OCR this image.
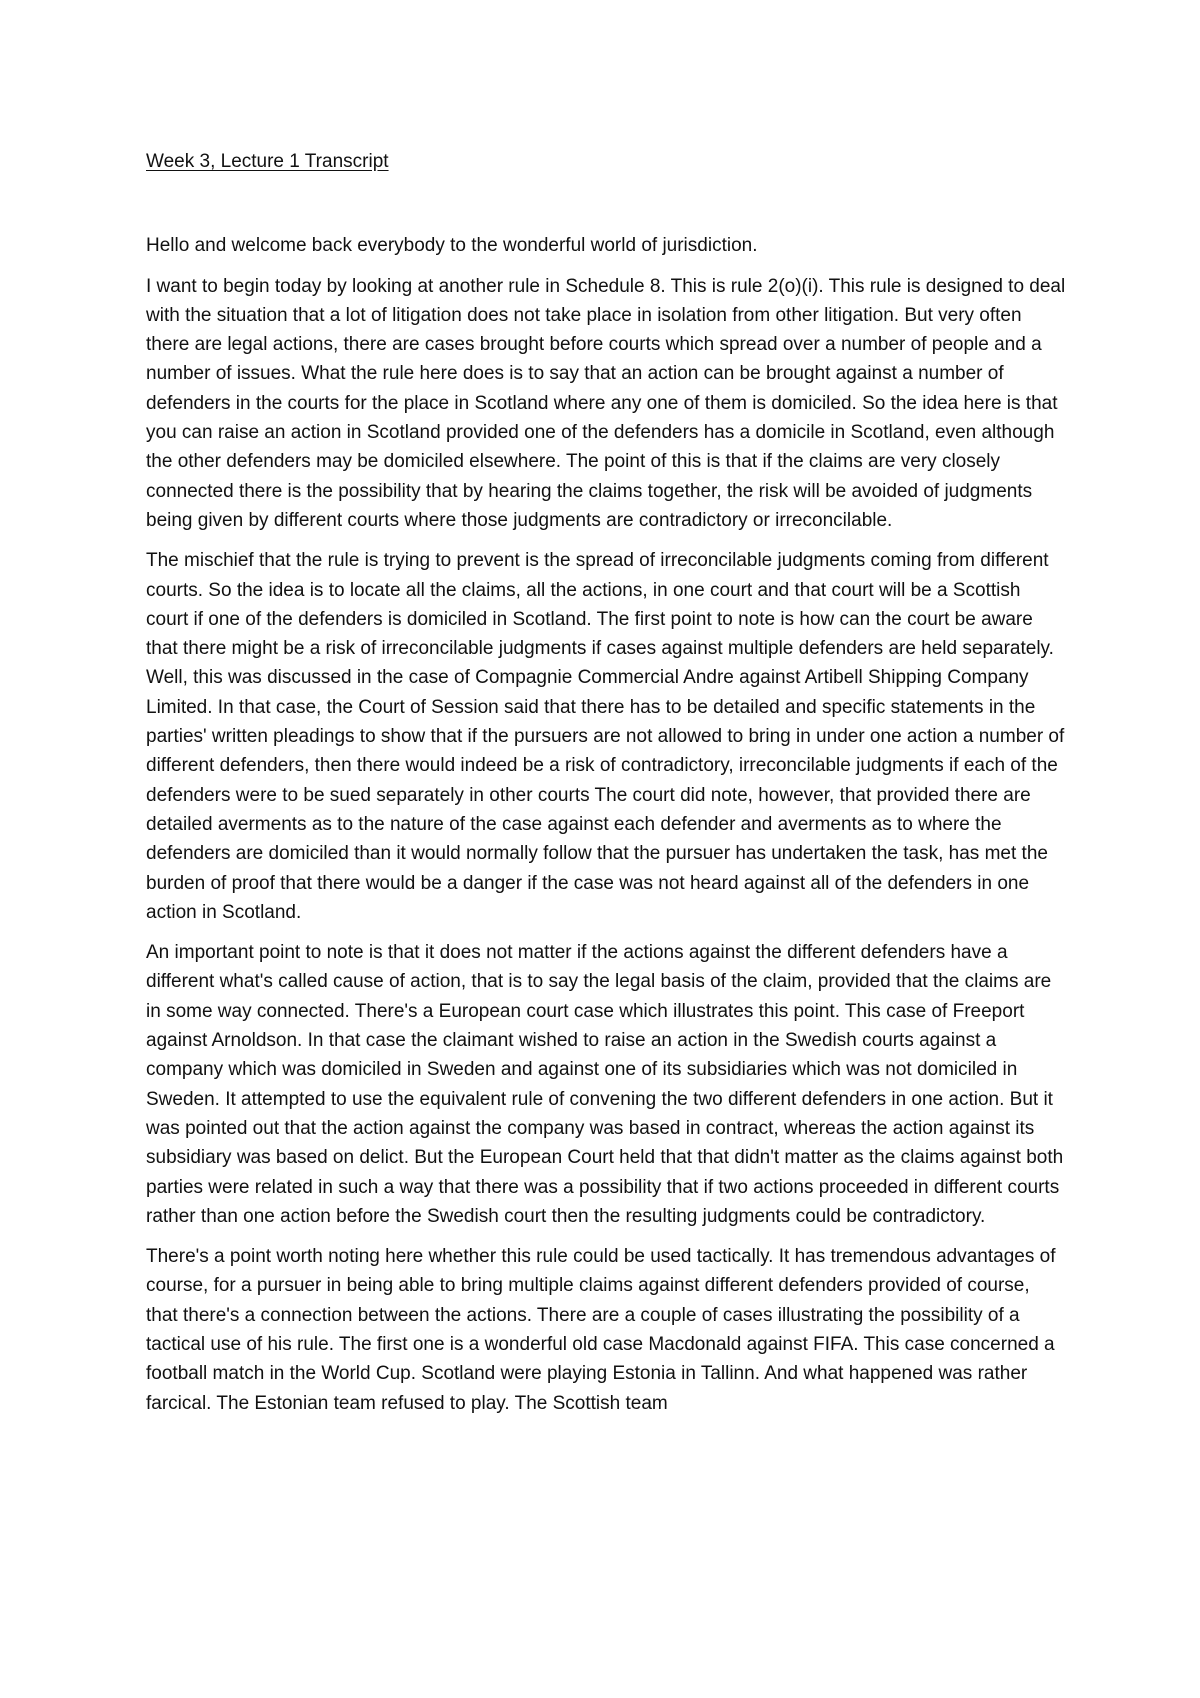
Week 3, Lecture 1 Transcript

Hello and welcome back everybody to the wonderful world of jurisdiction.

I want to begin today by looking at another rule in Schedule 8. This is rule 2(o)(i). This rule is designed to deal with the situation that a lot of litigation does not take place in isolation from other litigation. But very often there are legal actions, there are cases brought before courts which spread over a number of people and a number of issues. What the rule here does is to say that an action can be brought against a number of defenders in the courts for the place in Scotland where any one of them is domiciled. So the idea here is that you can raise an action in Scotland provided one of the defenders has a domicile in Scotland, even although the other defenders may be domiciled elsewhere. The point of this is that if the claims are very closely connected there is the possibility that by hearing the claims together, the risk will be avoided of judgments being given by different courts where those judgments are contradictory or irreconcilable.

The mischief that the rule is trying to prevent is the spread of irreconcilable judgments coming from different courts. So the idea is to locate all the claims, all the actions, in one court and that court will be a Scottish court if one of the defenders is domiciled in Scotland. The first point to note is how can the court be aware that there might be a risk of irreconcilable judgments if cases against multiple defenders are held separately. Well, this was discussed in the case of Compagnie Commercial Andre against Artibell Shipping Company Limited. In that case, the Court of Session said that there has to be detailed and specific statements in the parties' written pleadings to show that if the pursuers are not allowed to bring in under one action a number of different defenders, then there would indeed be a risk of contradictory, irreconcilable judgments if each of the defenders were to be sued separately in other courts The court did note, however, that provided there are detailed averments as to the nature of the case against each defender and averments as to where the defenders are domiciled than it would normally follow that the pursuer has undertaken the task, has met the burden of proof that there would be a danger if the case was not heard against all of the defenders in one action in Scotland.

An important point to note is that it does not matter if the actions against the different defenders have a different what's called cause of action, that is to say the legal basis of the claim, provided that the claims are in some way connected. There's a European court case which illustrates this point. This case of Freeport against Arnoldson. In that case the claimant wished to raise an action in the Swedish courts against a company which was domiciled in Sweden and against one of its subsidiaries which was not domiciled in Sweden. It attempted to use the equivalent rule of convening the two different defenders in one action. But it was pointed out that the action against the company was based in contract, whereas the action against its subsidiary was based on delict. But the European Court held that that didn't matter as the claims against both parties were related in such a way that there was a possibility that if two actions proceeded in different courts rather than one action before the Swedish court then the resulting judgments could be contradictory.

There's a point worth noting here whether this rule could be used tactically. It has tremendous advantages of course, for a pursuer in being able to bring multiple claims against different defenders provided of course, that there's a connection between the actions. There are a couple of cases illustrating the possibility of a tactical use of his rule. The first one is a wonderful old case Macdonald against FIFA. This case concerned a football match in the World Cup. Scotland were playing Estonia in Tallinn. And what happened was rather farcical. The Estonian team refused to play. The Scottish team
